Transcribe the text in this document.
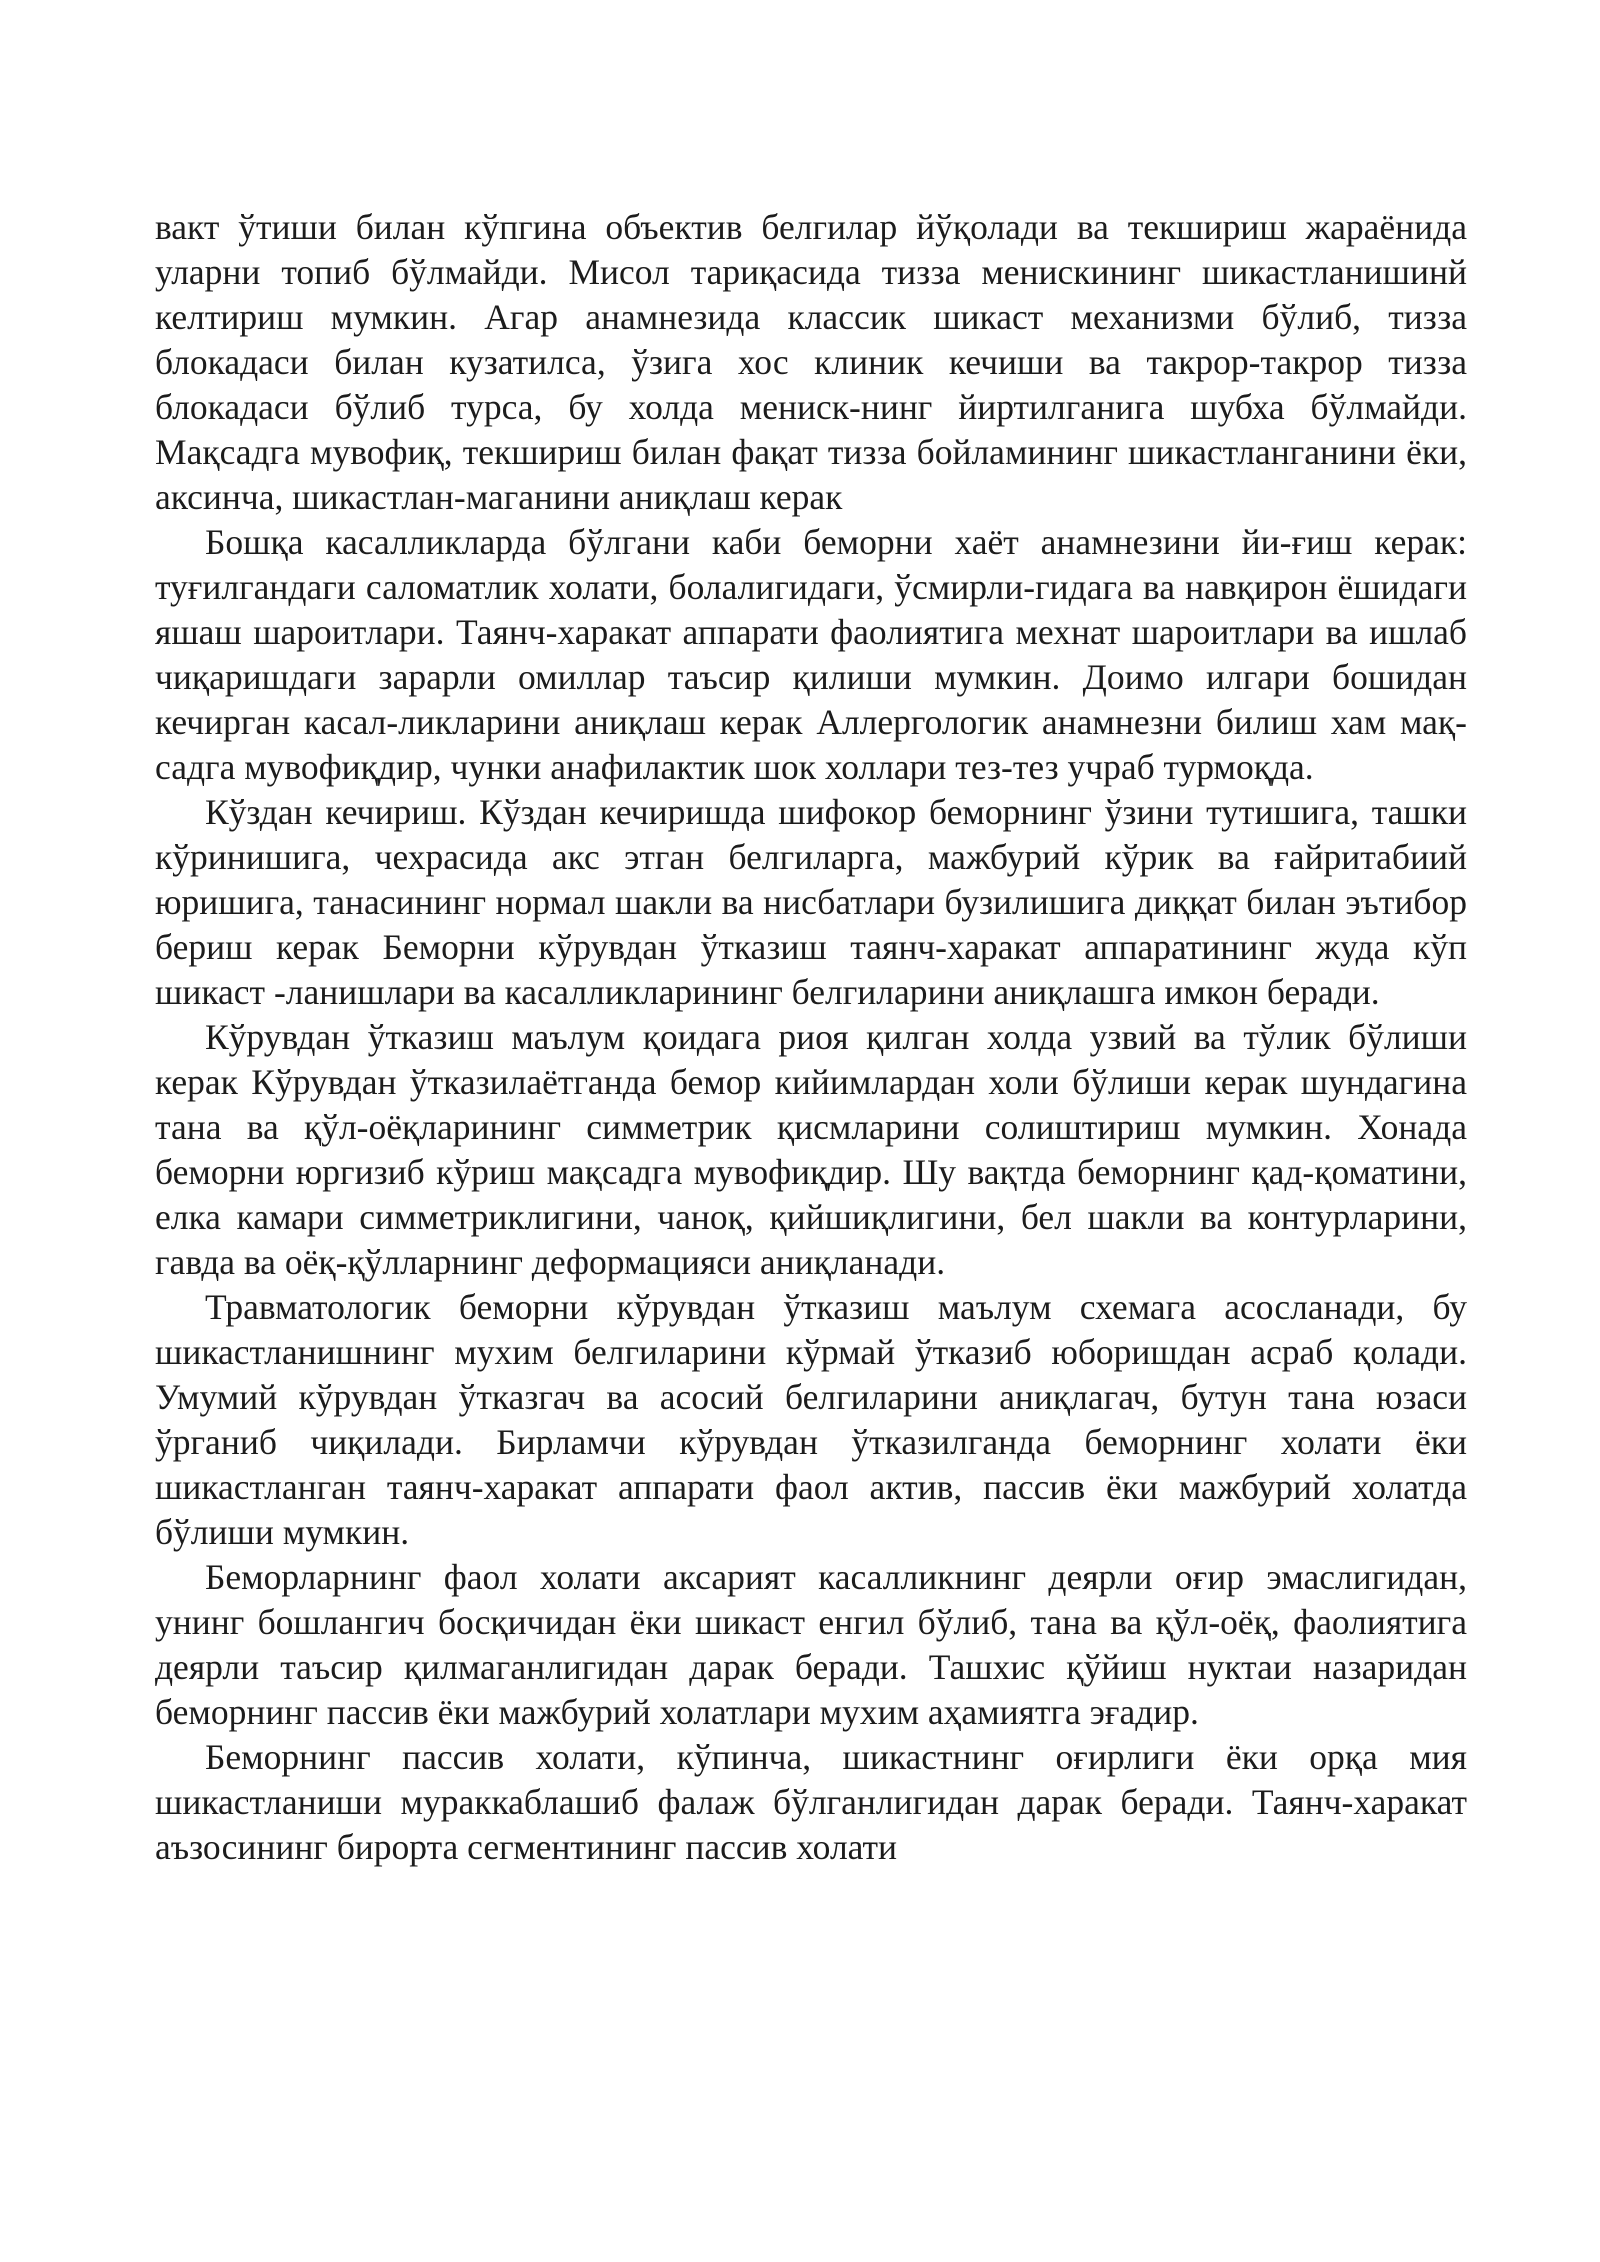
вакт ўтиши билан кўпгина объектив белгилар йўқолади ва текшириш жараёнида уларни топиб бўлмайди. Мисол тариқасида тизза менискининг шикастланишинй келтириш мумкин. Агар анамнезида классик шикаст механизми бўлиб, тизза блокадаси билан кузатилса, ўзига хос клиник кечиши ва такрор-такрор тизза блокадаси бўлиб турса, бу холда мениск-нинг йиртилганига шубха бўлмайди. Мақсадга мувофиқ, текшириш билан фақат тизза бойламининг шикастланганини ёки, аксинча, шикастлан-маганини аниқлаш керак

Бошқа касалликларда бўлгани каби беморни хаёт анамнезини йи-ғиш керак: туғилгандаги саломатлик холати, болалигидаги, ўсмирли-гидага ва навқирон ёшидаги яшаш шароитлари. Таянч-харакат аппарати фаолиятига мехнат шароитлари ва ишлаб чиқаришдаги зарарли омиллар таъсир қилиши мумкин. Доимо илгари бошидан кечирган касал-ликларини аниқлаш керак Аллергологик анамнезни билиш хам мақ-садга мувофиқдир, чунки анафилактик шок холлари тез-тез учраб турмоқда.

Кўздан кечириш. Кўздан кечиришда шифокор беморнинг ўзини тутишига, ташки кўринишига, чехрасида акс этган белгиларга, мажбурий кўрик ва ғайритабиий юришига, танасининг нормал шакли ва нисбатлари бузилишига диққат билан эътибор бериш керак Беморни кўрувдан ўтказиш таянч-харакат аппаратининг жуда кўп шикаст -ланишлари ва касалликларининг белгиларини аниқлашга имкон беради.

Кўрувдан ўтказиш маълум қоидага риоя қилган холда узвий ва тўлик бўлиши керак Кўрувдан ўтказилаётганда бемор кийимлардан холи бўлиши керак шундагина тана ва қўл-оёқларининг симметрик қисмларини солиштириш мумкин. Хонада беморни юргизиб кўриш мақсадга мувофиқдир. Шу вақтда беморнинг қад-қоматини, елка камари симметриклигини, чаноқ, қийшиқлигини, бел шакли ва контурларини, гавда ва оёқ-қўлларнинг деформацияси аниқланади.

Травматологик беморни кўрувдан ўтказиш маълум схемага асосланади, бу шикастланишнинг мухим белгиларини кўрмай ўтказиб юборишдан асраб қолади. Умумий кўрувдан ўтказгач ва асосий белгиларини аниқлагач, бутун тана юзаси ўрганиб чиқилади. Бирламчи кўрувдан ўтказилганда беморнинг холати ёки шикастланган таянч-харакат аппарати фаол актив, пассив ёки мажбурий холатда бўлиши мумкин.

Беморларнинг фаол холати аксарият касалликнинг деярли оғир эмаслигидан, унинг бошлангич босқичидан ёки шикаст енгил бўлиб, тана ва қўл-оёқ, фаолиятига деярли таъсир қилмаганлигидан дарак беради. Ташхис қўйиш нуктаи назаридан беморнинг пассив ёки мажбурий холатлари мухим аҳамиятга эғадир.

Беморнинг пассив холати, кўпинча, шикастнинг оғирлиги ёки орқа мия шикастланиши мураккаблашиб фалаж бўлганлигидан дарак беради. Таянч-харакат аъзосининг бирорта сегментининг пассив холати
